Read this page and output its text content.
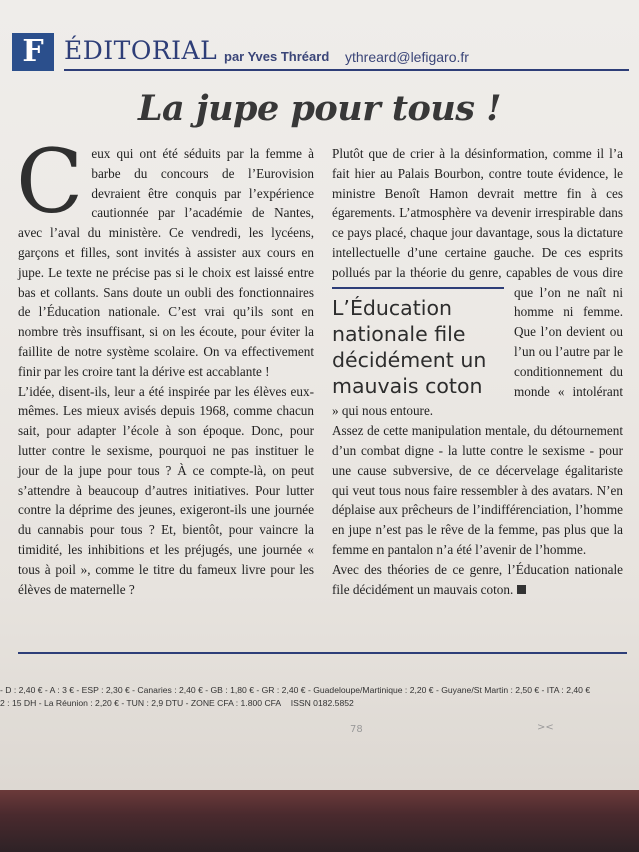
F ÉDITORIAL par Yves Thréard ythreard@lefigaro.fr
La jupe pour tous !

Ceux qui ont été séduits par la femme à barbe du concours de l’Eurovision devraient être conquis par l’expérience cautionnée par l’académie de Nantes, avec l’aval du ministère. Ce vendredi, les lycéens, garçons et filles, sont invités à assister aux cours en jupe. Le texte ne précise pas si le choix est laissé entre bas et collants. Sans doute un oubli des fonctionnaires de l’Éducation nationale. C’est vrai qu’ils sont en nombre très insuffisant, si on les écoute, pour éviter la faillite de notre système scolaire. On va effectivement finir par les croire tant la dérive est accablante !

L’idée, disent-ils, leur a été inspirée par les élèves eux-mêmes. Les mieux avisés depuis 1968, comme chacun sait, pour adapter l’école à son époque. Donc, pour lutter contre le sexisme, pourquoi ne pas instituer le jour de la jupe pour tous ? À ce compte-là, on peut s’attendre à beaucoup d’autres initiatives. Pour lutter contre la déprime des jeunes, exigeront-ils une journée du cannabis pour tous ? Et, bientôt, pour vaincre la timidité, les inhibitions et les préjugés, une journée « tous à poil », comme le titre du fameux livre pour les élèves de maternelle ?

Plutôt que de crier à la désinformation, comme il l’a fait hier au Palais Bourbon, contre toute évidence, le ministre Benoît Hamon devrait mettre fin à ces égarements. L’atmosphère va devenir irrespirable dans ce pays placé, chaque jour davantage, sous la dictature intellectuelle d’une certaine gauche. De ces esprits pollués par la théorie du genre,
L’Éducation nationale file décidément un mauvais coton
capables de vous dire que l’on ne naît ni homme ni femme. Que l’on devient ou l’un ou l’autre par le conditionnement du monde « intolérant » qui nous entoure.

Assez de cette manipulation mentale, du détournement d’un combat digne - la lutte contre le sexisme - pour une cause subversive, de ce décervelage égalitariste qui veut tous nous faire ressembler à des avatars. N’en déplaise aux prêcheurs de l’indifférenciation, l’homme en jupe n’est pas le rêve de la femme, pas plus que la femme en pantalon n’a été l’avenir de l’homme.

Avec des théories de ce genre, l’Éducation nationale file décidément un mauvais coton.

- D : 2,40 € - A : 3 € - ESP : 2,30 € - Canaries : 2,40 € - GB : 1,80 € - GR : 2,40 € - Guadeloupe/Martinique : 2,20 € - Guyane/St Martin : 2,50 € - ITA : 2,40 €
2 : 15 DH - La Réunion : 2,20 € - TUN : 2,9 DTU - ZONE CFA : 1.800 CFA ISSN 0182.5852
78	><
